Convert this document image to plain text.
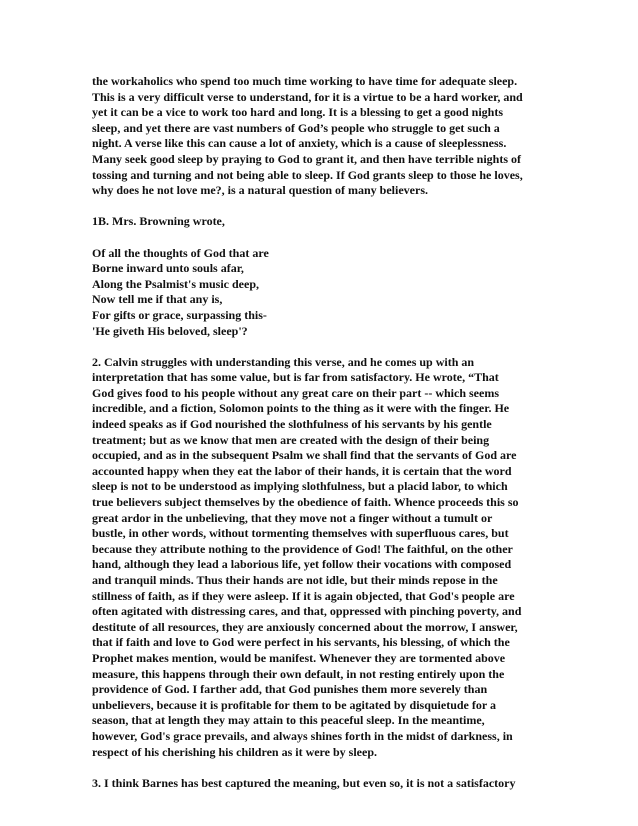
the workaholics who spend too much time working to have time for adequate sleep.
This is a very difficult verse to understand, for it is a virtue to be a hard worker, and
yet it can be a vice to work too hard and long. It is a blessing to get a good nights
sleep, and yet there are vast numbers of God’s people who struggle to get such a
night. A verse like this can cause a lot of anxiety, which is a cause of sleeplessness.
Many seek good sleep by praying to God to grant it, and then have terrible nights of
tossing and turning and not being able to sleep. If God grants sleep to those he loves,
why does he not love me?, is a natural question of many believers.

1B. Mrs. Browning wrote,

Of all the thoughts of God that are
Borne inward unto souls afar,
Along the Psalmist's music deep,
Now tell me if that any is,
For gifts or grace, surpassing this-
'He giveth His beloved, sleep'?

2. Calvin struggles with understanding this verse, and he comes up with an
interpretation that has some value, but is far from satisfactory. He wrote, “That
God gives food to his people without any great care on their part -- which seems
incredible, and a fiction, Solomon points to the thing as it were with the finger. He
indeed speaks as if God nourished the slothfulness of his servants by his gentle
treatment; but as we know that men are created with the design of their being
occupied, and as in the subsequent Psalm we shall find that the servants of God are
accounted happy when they eat the labor of their hands, it is certain that the word
sleep is not to be understood as implying slothfulness, but a placid labor, to which
true believers subject themselves by the obedience of faith. Whence proceeds this so
great ardor in the unbelieving, that they move not a finger without a tumult or
bustle, in other words, without tormenting themselves with superfluous cares, but
because they attribute nothing to the providence of God! The faithful, on the other
hand, although they lead a laborious life, yet follow their vocations with composed
and tranquil minds. Thus their hands are not idle, but their minds repose in the
stillness of faith, as if they were asleep. If it is again objected, that God's people are
often agitated with distressing cares, and that, oppressed with pinching poverty, and
destitute of all resources, they are anxiously concerned about the morrow, I answer,
that if faith and love to God were perfect in his servants, his blessing, of which the
Prophet makes mention, would be manifest. Whenever they are tormented above
measure, this happens through their own default, in not resting entirely upon the
providence of God. I farther add, that God punishes them more severely than
unbelievers, because it is profitable for them to be agitated by disquietude for a
season, that at length they may attain to this peaceful sleep. In the meantime,
however, God's grace prevails, and always shines forth in the midst of darkness, in
respect of his cherishing his children as it were by sleep.

3. I think Barnes has best captured the meaning, but even so, it is not a satisfactory
